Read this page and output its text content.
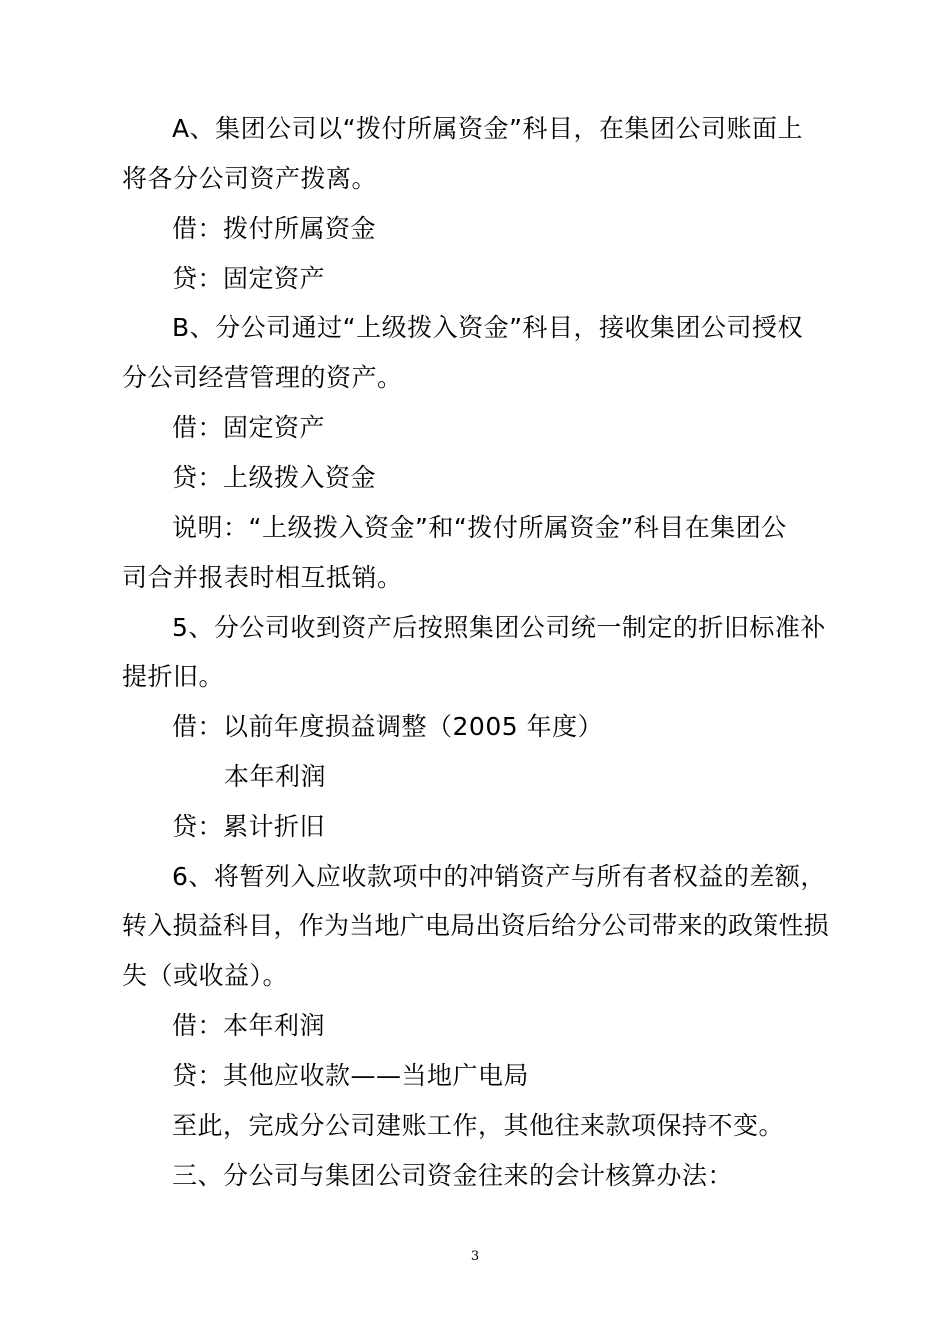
A、集团公司以“拨付所属资金”科目，在集团公司账面上
将各分公司资产拨离。
借：拨付所属资金
贷：固定资产
B、分公司通过“上级拨入资金”科目，接收集团公司授权
分公司经营管理的资产。
借：固定资产
贷：上级拨入资金
说明：“上级拨入资金”和“拨付所属资金”科目在集团公
司合并报表时相互抵销。
5、分公司收到资产后按照集团公司统一制定的折旧标准补
提折旧。
借：以前年度损益调整（2005 年度）
本年利润
贷：累计折旧
6、将暂列入应收款项中的冲销资产与所有者权益的差额，
转入损益科目，作为当地广电局出资后给分公司带来的政策性损
失（或收益）。
借：本年利润
贷：其他应收款——当地广电局
至此，完成分公司建账工作，其他往来款项保持不变。
三、分公司与集团公司资金往来的会计核算办法：
3
